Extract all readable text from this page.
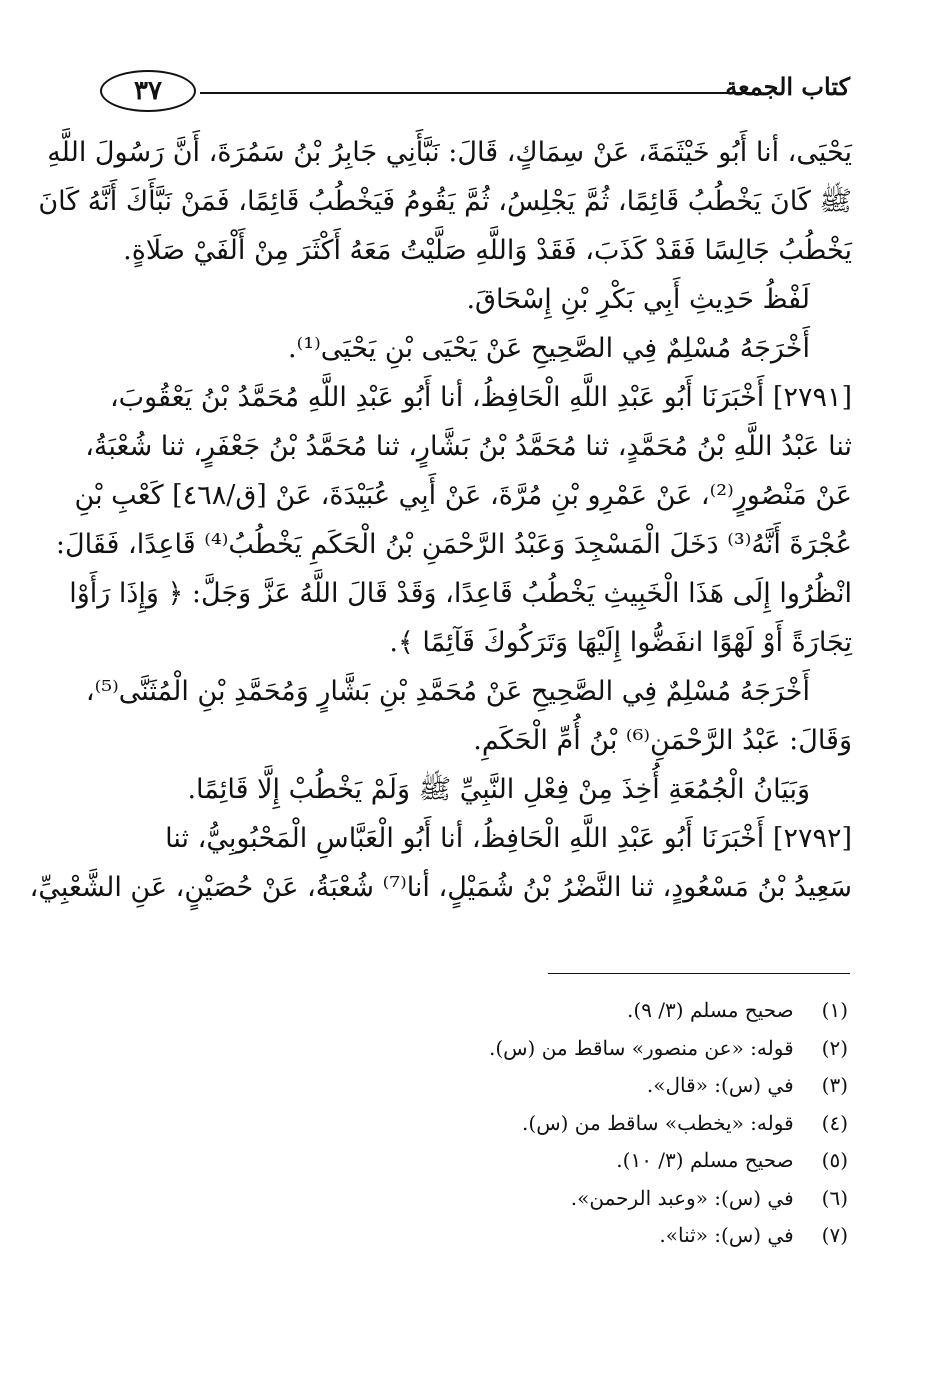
٣٧	كتاب الجمعة
يَحْيَى، أنا أَبُو خَيْثَمَةَ، عَنْ سِمَاكٍ، قَالَ: نَبَّأَنِي جَابِرُ بْنُ سَمُرَةَ، أَنَّ رَسُولَ اللَّهِ
ﷺ كَانَ يَخْطُبُ قَائِمًا، ثُمَّ يَجْلِسُ، ثُمَّ يَقُومُ فَيَخْطُبُ قَائِمًا، فَمَنْ نَبَّأَكَ أَنَّهُ كَانَ
يَخْطُبُ جَالِسًا فَقَدْ كَذَبَ، فَقَدْ وَاللَّهِ صَلَّيْتُ مَعَهُ أَكْثَرَ مِنْ أَلْفَيْ صَلَاةٍ.
لَفْظُ حَدِيثِ أَبِي بَكْرِ بْنِ إِسْحَاقَ.
أَخْرَجَهُ مُسْلِمٌ فِي الصَّحِيحِ عَنْ يَحْيَى بْنِ يَحْيَى⁽¹⁾.
[٢٧٩١] أَخْبَرَنَا أَبُو عَبْدِ اللَّهِ الْحَافِظُ، أنا أَبُو عَبْدِ اللَّهِ مُحَمَّدُ بْنُ يَعْقُوبَ،
ثنا عَبْدُ اللَّهِ بْنُ مُحَمَّدٍ، ثنا مُحَمَّدُ بْنُ بَشَّارٍ، ثنا مُحَمَّدُ بْنُ جَعْفَرٍ، ثنا شُعْبَةُ،
عَنْ مَنْصُورٍ⁽²⁾، عَنْ عَمْرِو بْنِ مُرَّةَ، عَنْ أَبِي عُبَيْدَةَ، عَنْ [ق/٤٦٨] كَعْبِ بْنِ
عُجْرَةَ أَنَّهُ⁽³⁾ دَخَلَ الْمَسْجِدَ وَعَبْدُ الرَّحْمَنِ بْنُ الْحَكَمِ يَخْطُبُ⁽⁴⁾ قَاعِدًا، فَقَالَ:
انْظُرُوا إِلَى هَذَا الْخَبِيثِ يَخْطُبُ قَاعِدًا، وَقَدْ قَالَ اللَّهُ عَزَّ وَجَلَّ: ﴿ وَإِذَا رَأَوْا
تِجَارَةً أَوْ لَهْوًا انفَضُّوا إِلَيْهَا وَتَرَكُوكَ قَآئِمًا ﴾.
أَخْرَجَهُ مُسْلِمٌ فِي الصَّحِيحِ عَنْ مُحَمَّدِ بْنِ بَشَّارٍ وَمُحَمَّدِ بْنِ الْمُثَنَّى⁽⁵⁾،
وَقَالَ: عَبْدُ الرَّحْمَنِ⁽⁶⁾ بْنُ أُمِّ الْحَكَمِ.
وَبَيَانُ الْجُمُعَةِ أُخِذَ مِنْ فِعْلِ النَّبِيِّ ﷺ وَلَمْ يَخْطُبْ إِلَّا قَائِمًا.
[٢٧٩٢] أَخْبَرَنَا أَبُو عَبْدِ اللَّهِ الْحَافِظُ، أنا أَبُو الْعَبَّاسِ الْمَحْبُوبِيُّ، ثنا
سَعِيدُ بْنُ مَسْعُودٍ، ثنا النَّضْرُ بْنُ شُمَيْلٍ، أنا⁽⁷⁾ شُعْبَةُ، عَنْ حُصَيْنٍ، عَنِ الشَّعْبِيِّ،
(١) صحيح مسلم (٣/ ٩).
(٢) قوله: «عن منصور» ساقط من (س).
(٣) في (س): «قال».
(٤) قوله: «يخطب» ساقط من (س).
(٥) صحيح مسلم (٣/ ١٠).
(٦) في (س): «وعبد الرحمن».
(٧) في (س): «ثنا».
